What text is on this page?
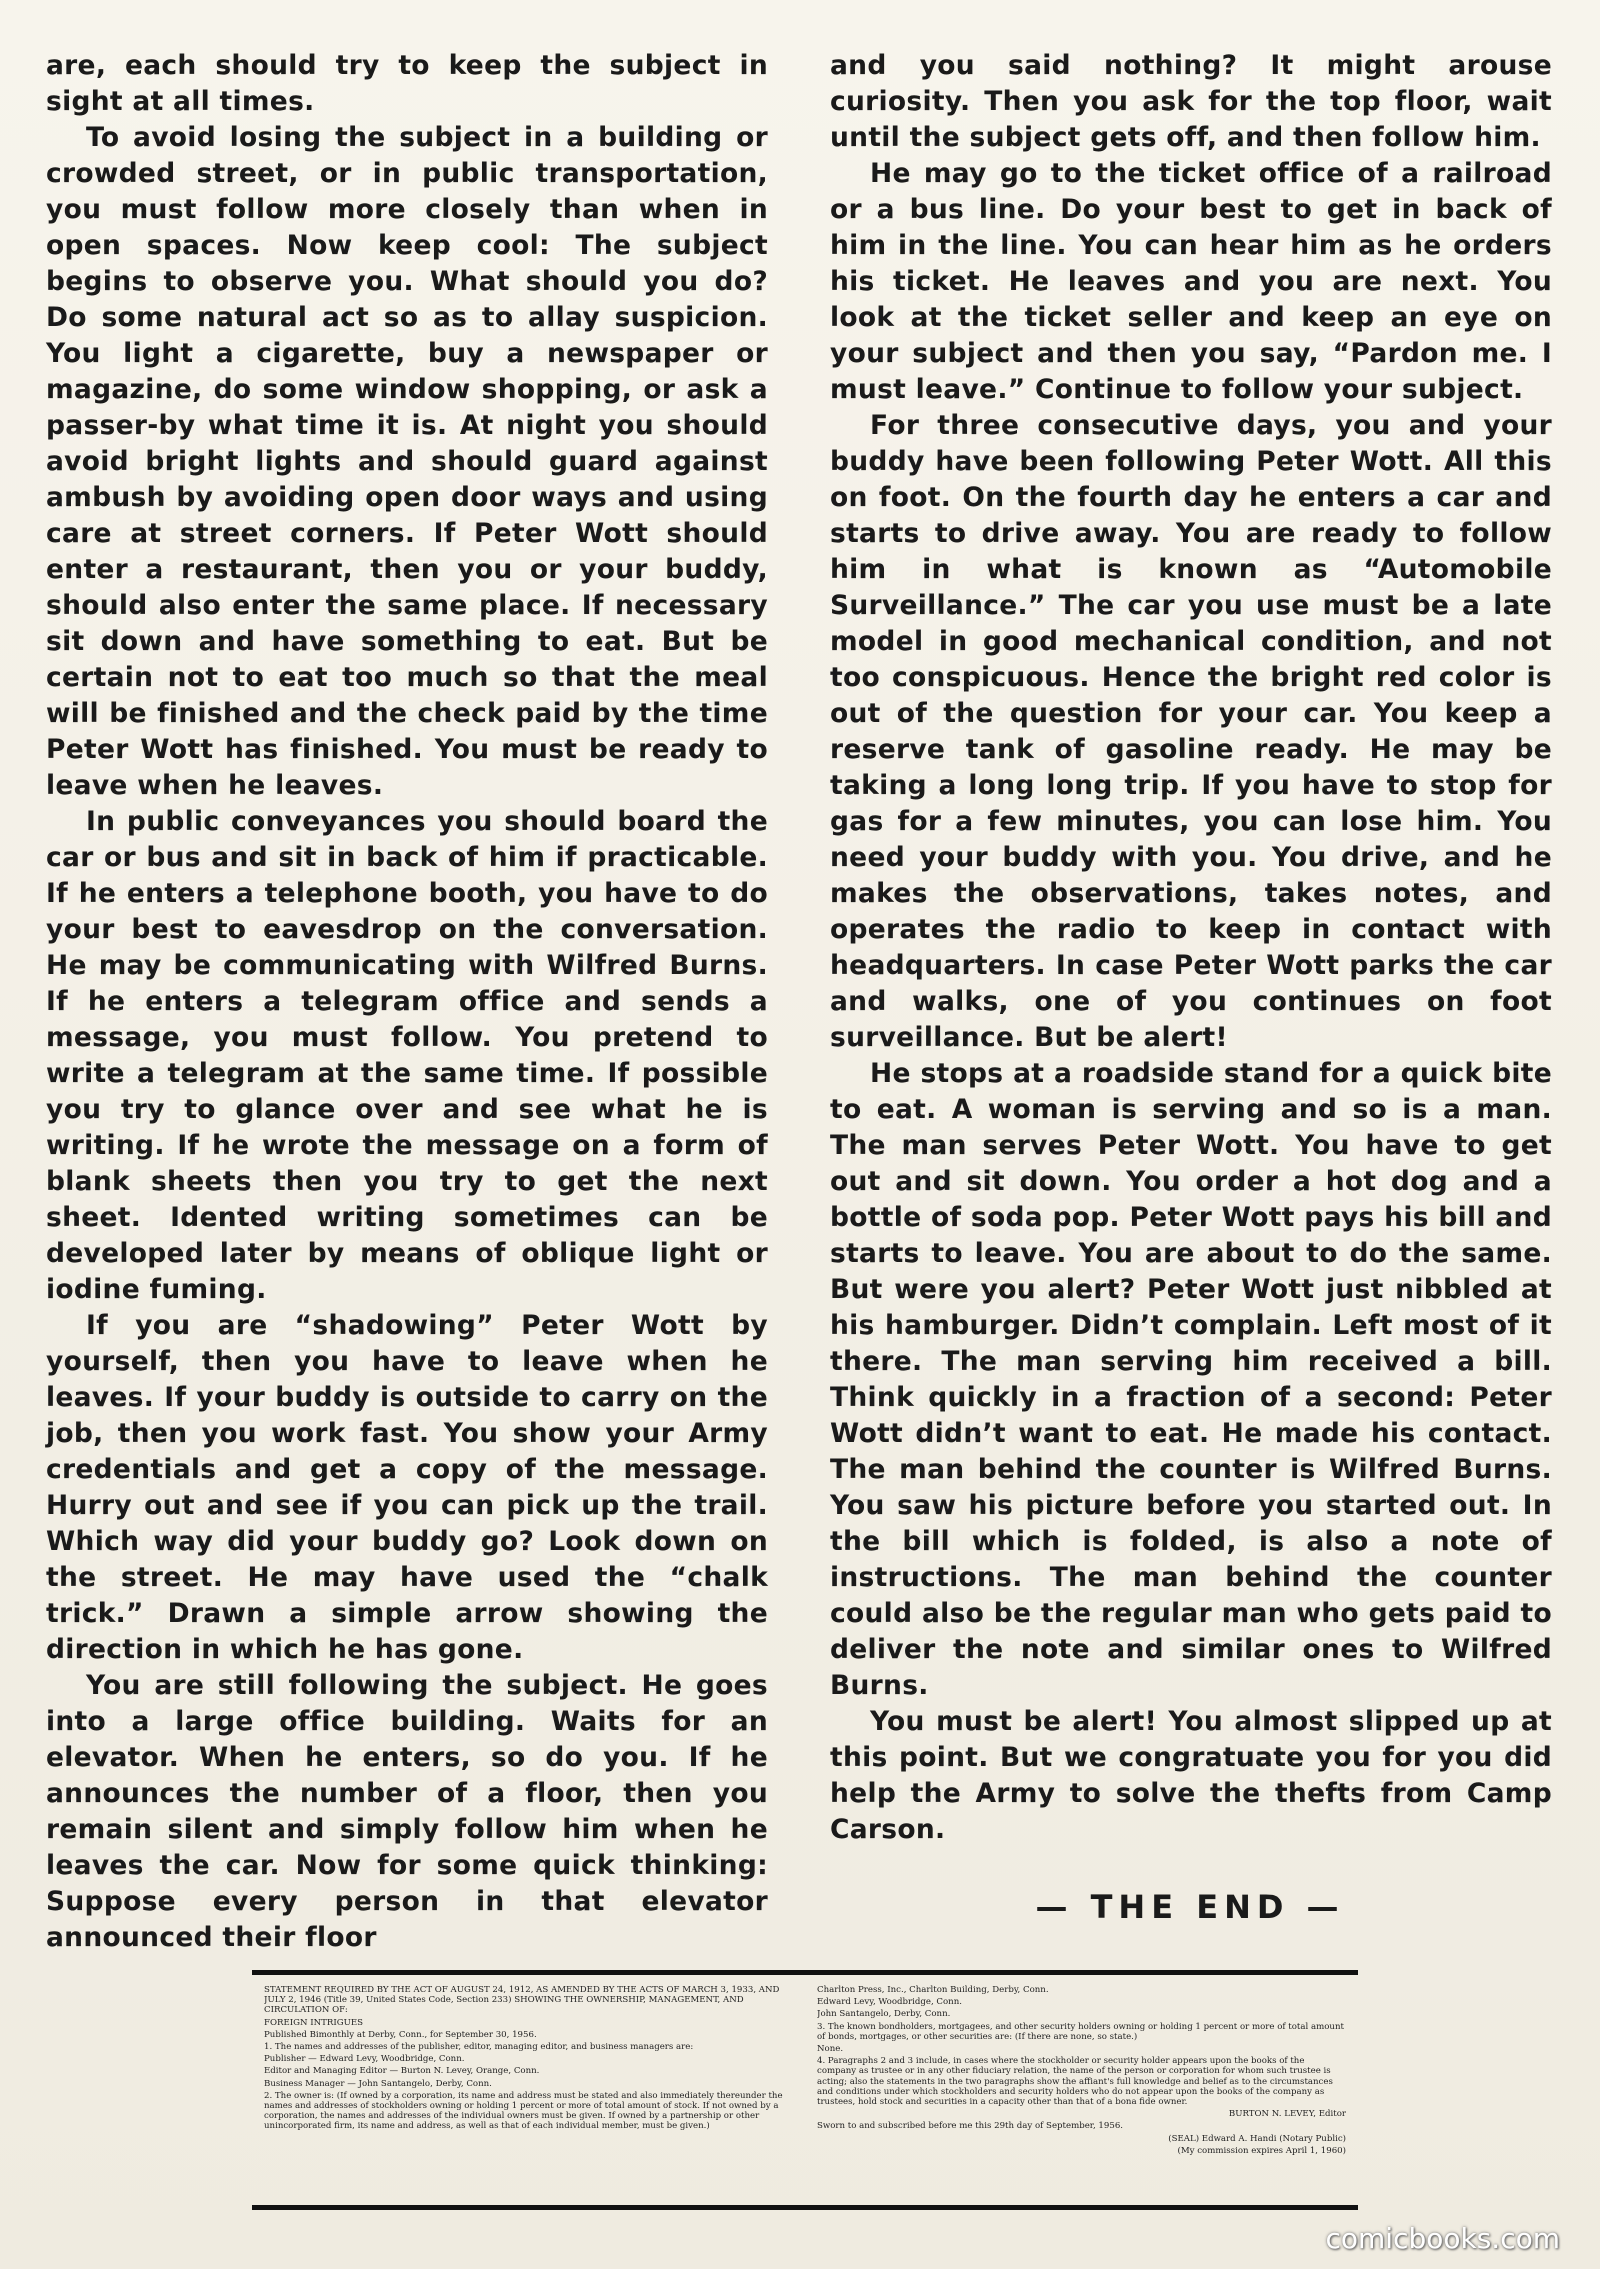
are, each should try to keep the subject in sight at all times.

To avoid losing the subject in a building or crowded street, or in public transportation, you must follow more closely than when in open spaces. Now keep cool: The subject begins to observe you. What should you do? Do some natural act so as to allay suspicion. You light a cigarette, buy a newspaper or magazine, do some window shopping, or ask a passer-by what time it is. At night you should avoid bright lights and should guard against ambush by avoiding open door ways and using care at street corners. If Peter Wott should enter a restaurant, then you or your buddy, should also enter the same place. If necessary sit down and have something to eat. But be certain not to eat too much so that the meal will be finished and the check paid by the time Peter Wott has finished. You must be ready to leave when he leaves.

In public conveyances you should board the car or bus and sit in back of him if practicable. If he enters a telephone booth, you have to do your best to eavesdrop on the conversation. He may be communicating with Wilfred Burns. If he enters a telegram office and sends a message, you must follow. You pretend to write a telegram at the same time. If possible you try to glance over and see what he is writing. If he wrote the message on a form of blank sheets then you try to get the next sheet. Idented writing sometimes can be developed later by means of oblique light or iodine fuming.

If you are “shadowing” Peter Wott by yourself, then you have to leave when he leaves. If your buddy is outside to carry on the job, then you work fast. You show your Army credentials and get a copy of the message. Hurry out and see if you can pick up the trail. Which way did your buddy go? Look down on the street. He may have used the “chalk trick.” Drawn a simple arrow showing the direction in which he has gone.

You are still following the subject. He goes into a large office building. Waits for an elevator. When he enters, so do you. If he announces the number of a floor, then you remain silent and simply follow him when he leaves the car. Now for some quick thinking: Suppose every person in that elevator announced their floor

and you said nothing? It might arouse curiosity. Then you ask for the top floor, wait until the subject gets off, and then follow him.

He may go to the ticket office of a railroad or a bus line. Do your best to get in back of him in the line. You can hear him as he orders his ticket. He leaves and you are next. You look at the ticket seller and keep an eye on your subject and then you say, “Pardon me. I must leave.” Continue to follow your subject.

For three consecutive days, you and your buddy have been following Peter Wott. All this on foot. On the fourth day he enters a car and starts to drive away. You are ready to follow him in what is known as “Automobile Surveillance.” The car you use must be a late model in good mechanical condition, and not too conspicuous. Hence the bright red color is out of the question for your car. You keep a reserve tank of gasoline ready. He may be taking a long long trip. If you have to stop for gas for a few minutes, you can lose him. You need your buddy with you. You drive, and he makes the observations, takes notes, and operates the radio to keep in contact with headquarters. In case Peter Wott parks the car and walks, one of you continues on foot surveillance. But be alert!

He stops at a roadside stand for a quick bite to eat. A woman is serving and so is a man. The man serves Peter Wott. You have to get out and sit down. You order a hot dog and a bottle of soda pop. Peter Wott pays his bill and starts to leave. You are about to do the same. But were you alert? Peter Wott just nibbled at his hamburger. Didn’t complain. Left most of it there. The man serving him received a bill. Think quickly in a fraction of a second: Peter Wott didn’t want to eat. He made his contact. The man behind the counter is Wilfred Burns. You saw his picture before you started out. In the bill which is folded, is also a note of instructions. The man behind the counter could also be the regular man who gets paid to deliver the note and similar ones to Wilfred Burns.

You must be alert! You almost slipped up at this point. But we congratuate you for you did help the Army to solve the thefts from Camp Carson.

— THE END —

STATEMENT REQUIRED BY THE ACT OF AUGUST 24, 1912, AS AMENDED BY THE ACTS OF MARCH 3, 1933, AND JULY 2, 1946 (Title 39, United States Code, Section 233) SHOWING THE OWNERSHIP, MANAGEMENT, AND CIRCULATION OF:

FOREIGN INTRIGUES

Published Bimonthly at Derby, Conn., for September 30, 1956.

1. The names and addresses of the publisher, editor, managing editor, and business managers are:

Publisher — Edward Levy, Woodbridge, Conn.

Editor and Managing Editor — Burton N. Levey, Orange, Conn.

Business Manager — John Santangelo, Derby, Conn.

2. The owner is: (If owned by a corporation, its name and address must be stated and also immediately thereunder the names and addresses of stockholders owning or holding 1 percent or more of total amount of stock. If not owned by a corporation, the names and addresses of the individual owners must be given. If owned by a partnership or other unincorporated firm, its name and address, as well as that of each individual member, must be given.)

Charlton Press, Inc., Charlton Building, Derby, Conn.

Edward Levy, Woodbridge, Conn.

John Santangelo, Derby, Conn.

3. The known bondholders, mortgagees, and other security holders owning or holding 1 percent or more of total amount of bonds, mortgages, or other securities are: (If there are none, so state.)

None.

4. Paragraphs 2 and 3 include, in cases where the stockholder or security holder appears upon the books of the company as trustee or in any other fiduciary relation, the name of the person or corporation for whom such trustee is acting; also the statements in the two paragraphs show the affiant's full knowledge and belief as to the circumstances and conditions under which stockholders and security holders who do not appear upon the books of the company as trustees, hold stock and securities in a capacity other than that of a bona fide owner.

BURTON N. LEVEY, Editor

Sworn to and subscribed before me this 29th day of September, 1956.

(SEAL) Edward A. Handi (Notary Public)

(My commission expires April 1, 1960)

comicbooks.com
